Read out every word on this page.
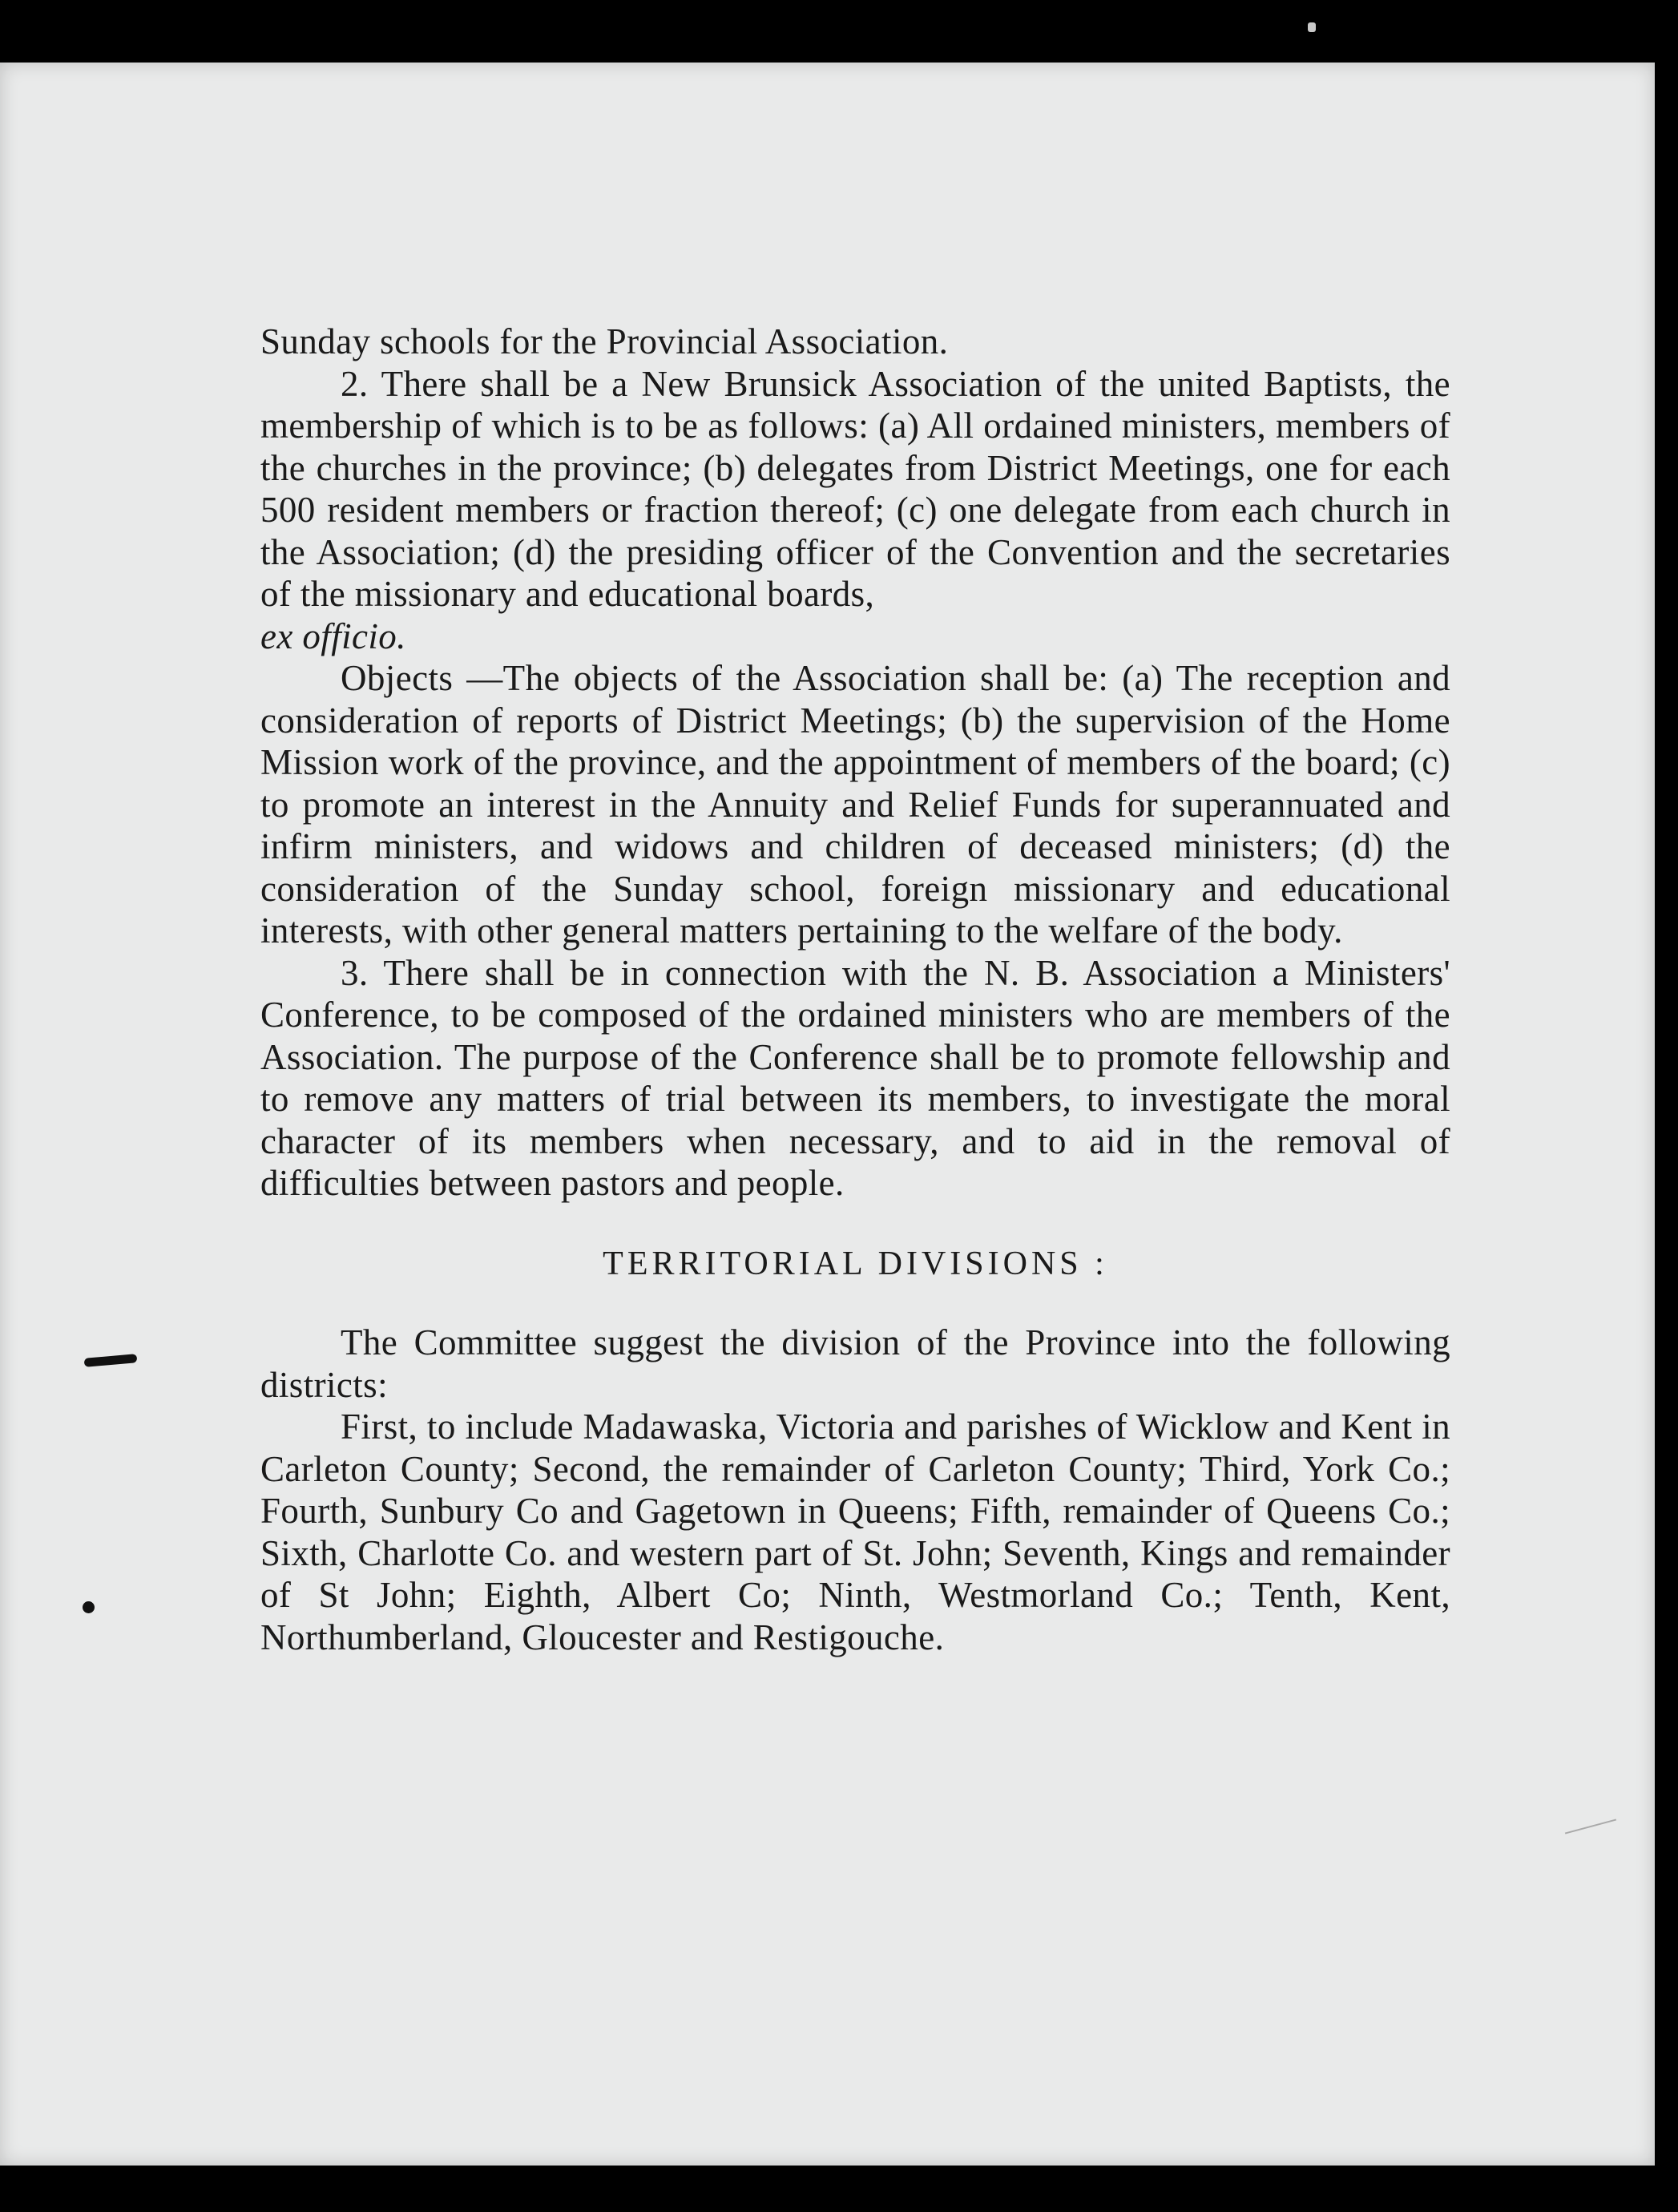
Sunday schools for the Provincial Association.

2. There shall be a New Brunsick Association of the united Baptists, the membership of which is to be as follows: (a) All ordained ministers, members of the churches in the province; (b) delegates from District Meetings, one for each 500 resident members or fraction thereof; (c) one delegate from each church in the Association; (d) the presiding officer of the Convention and the secretaries of the missionary and educational boards,

ex officio.

Objects —The objects of the Association shall be: (a) The reception and consideration of reports of District Meetings; (b) the supervision of the Home Mission work of the province, and the appointment of members of the board; (c) to promote an interest in the Annuity and Relief Funds for superannuated and infirm ministers, and widows and children of deceased ministers; (d) the consideration of the Sunday school, foreign missionary and educational interests, with other general matters pertaining to the welfare of the body.

3. There shall be in connection with the N. B. Association a Ministers' Conference, to be composed of the ordained ministers who are members of the Association. The purpose of the Conference shall be to promote fellowship and to remove any matters of trial between its members, to investigate the moral character of its members when necessary, and to aid in the removal of difficulties between pastors and people.

TERRITORIAL DIVISIONS :

The Committee suggest the division of the Province into the following districts:

First, to include Madawaska, Victoria and parishes of Wicklow and Kent in Carleton County; Second, the remainder of Carleton County; Third, York Co.; Fourth, Sunbury Co and Gagetown in Queens; Fifth, remainder of Queens Co.; Sixth, Charlotte Co. and western part of St. John; Seventh, Kings and remainder of St John; Eighth, Albert Co; Ninth, Westmorland Co.; Tenth, Kent, Northumberland, Gloucester and Restigouche.
